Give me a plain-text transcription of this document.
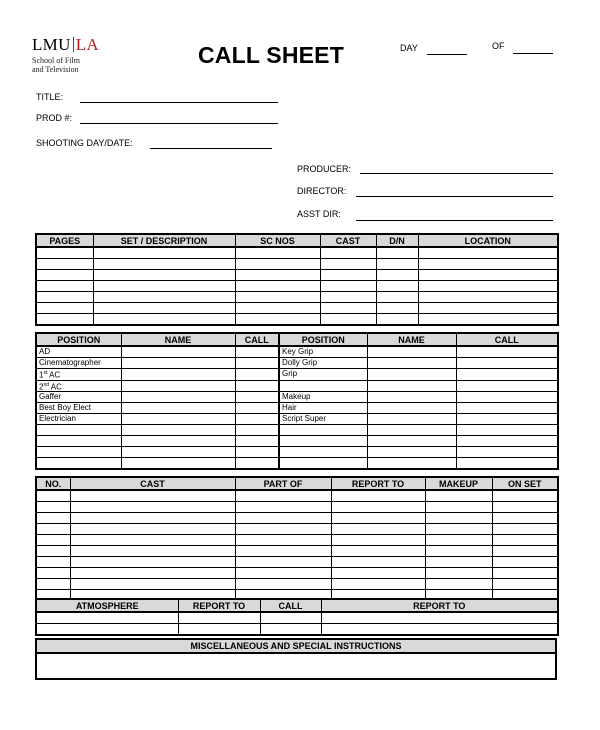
LMU LA
School of Film
and Television
CALL SHEET	DAY	OF
TITLE:
PROD #:
SHOOTING DAY/DATE:
PRODUCER:
DIRECTOR:
ASST DIR:
PAGES	SET / DESCRIPTION	SC NOS	CAST	D/N	LOCATION

POSITION	NAME	CALL	POSITION	NAME	CALL
AD			Key Grip		
Cinematographer			Dolly Grip		
1st AC			Grip		
2nd AC					
Gaffer			Makeup		
Best Boy Elect			Hair		
Electrician			Script Super		

NO.	CAST	PART OF	REPORT TO	MAKEUP	ON SET

ATMOSPHERE	REPORT TO	CALL	REPORT TO

MISCELLANEOUS AND SPECIAL INSTRUCTIONS
